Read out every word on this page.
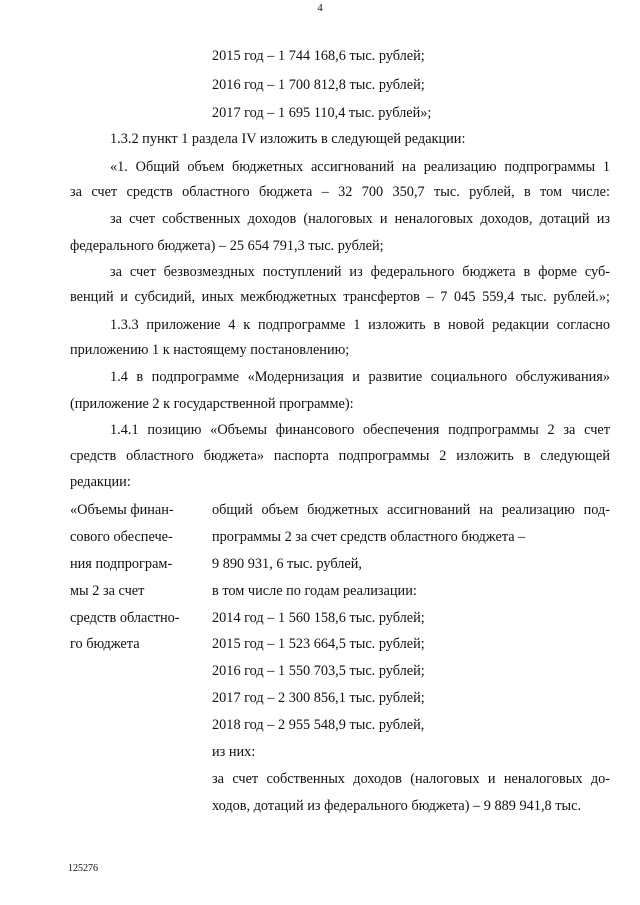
4
2015 год – 1 744 168,6 тыс. рублей;
2016 год – 1 700 812,8 тыс. рублей;
2017 год – 1 695 110,4 тыс. рублей»;
1.3.2 пункт 1 раздела IV изложить в следующей редакции:
«1. Общий объем бюджетных ассигнований на реализацию подпрограммы 1
за счет средств областного бюджета – 32 700 350,7 тыс. рублей, в том числе:
за счет собственных доходов (налоговых и неналоговых доходов, дотаций из
федерального бюджета) – 25 654 791,3 тыс. рублей;
за счет безвозмездных поступлений из федерального бюджета в форме суб-
венций и субсидий, иных межбюджетных трансфертов – 7 045 559,4 тыс. рублей.»;
1.3.3 приложение 4 к подпрограмме 1 изложить в новой редакции согласно
приложению 1 к настоящему постановлению;
1.4 в подпрограмме «Модернизация и развитие социального обслуживания»
(приложение 2 к государственной программе):
1.4.1 позицию «Объемы финансового обеспечения подпрограммы 2 за счет
средств областного бюджета» паспорта подпрограммы 2 изложить в следующей
редакции:
«Объемы финан-
сового обеспече-
ния подпрограм-
мы 2 за счет
средств областно-
го бюджета
общий объем бюджетных ассигнований на реализацию под-
программы 2 за счет средств областного бюджета –
9 890 931, 6 тыс. рублей,
в том числе по годам реализации:
2014 год – 1 560 158,6 тыс. рублей;
2015 год – 1 523 664,5 тыс. рублей;
2016 год – 1 550 703,5 тыс. рублей;
2017 год – 2 300 856,1 тыс. рублей;
2018 год – 2 955 548,9 тыс. рублей,
из них:
за счет собственных доходов (налоговых и неналоговых до-
ходов, дотаций из федерального бюджета) – 9 889 941,8 тыс.
125276
